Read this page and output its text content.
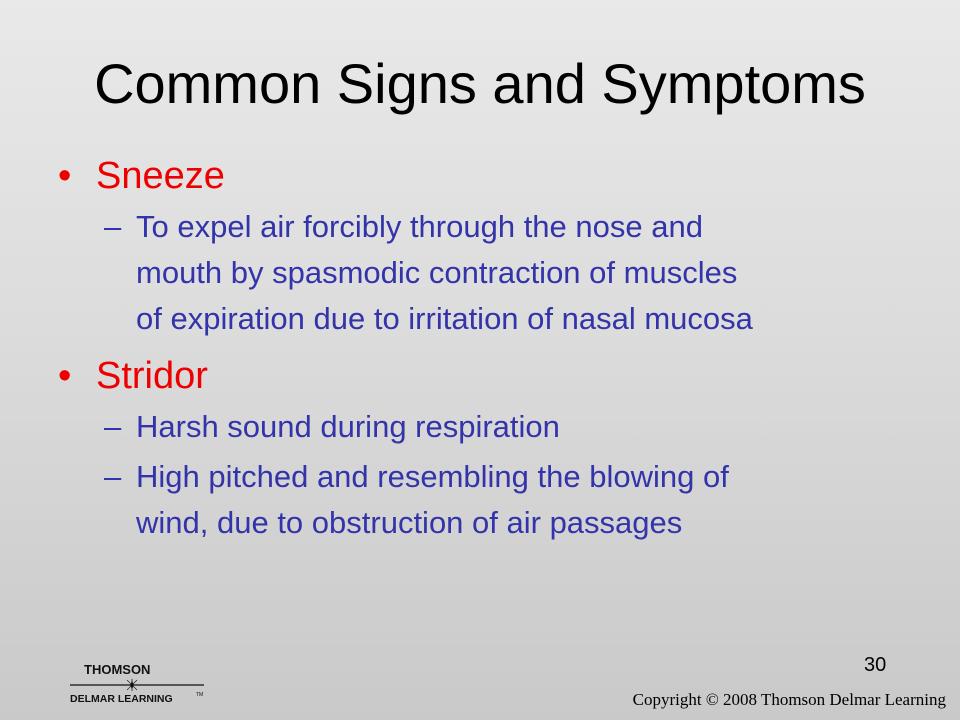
Common Signs and Symptoms
• Sneeze
– To expel air forcibly through the nose and
mouth by spasmodic contraction of muscles
of expiration due to irritation of nasal mucosa
• Stridor
– Harsh sound during respiration
– High pitched and resembling the blowing of
wind, due to obstruction of air passages
THOMSON
DELMAR LEARNING	TM
30
Copyright © 2008 Thomson Delmar Learning
